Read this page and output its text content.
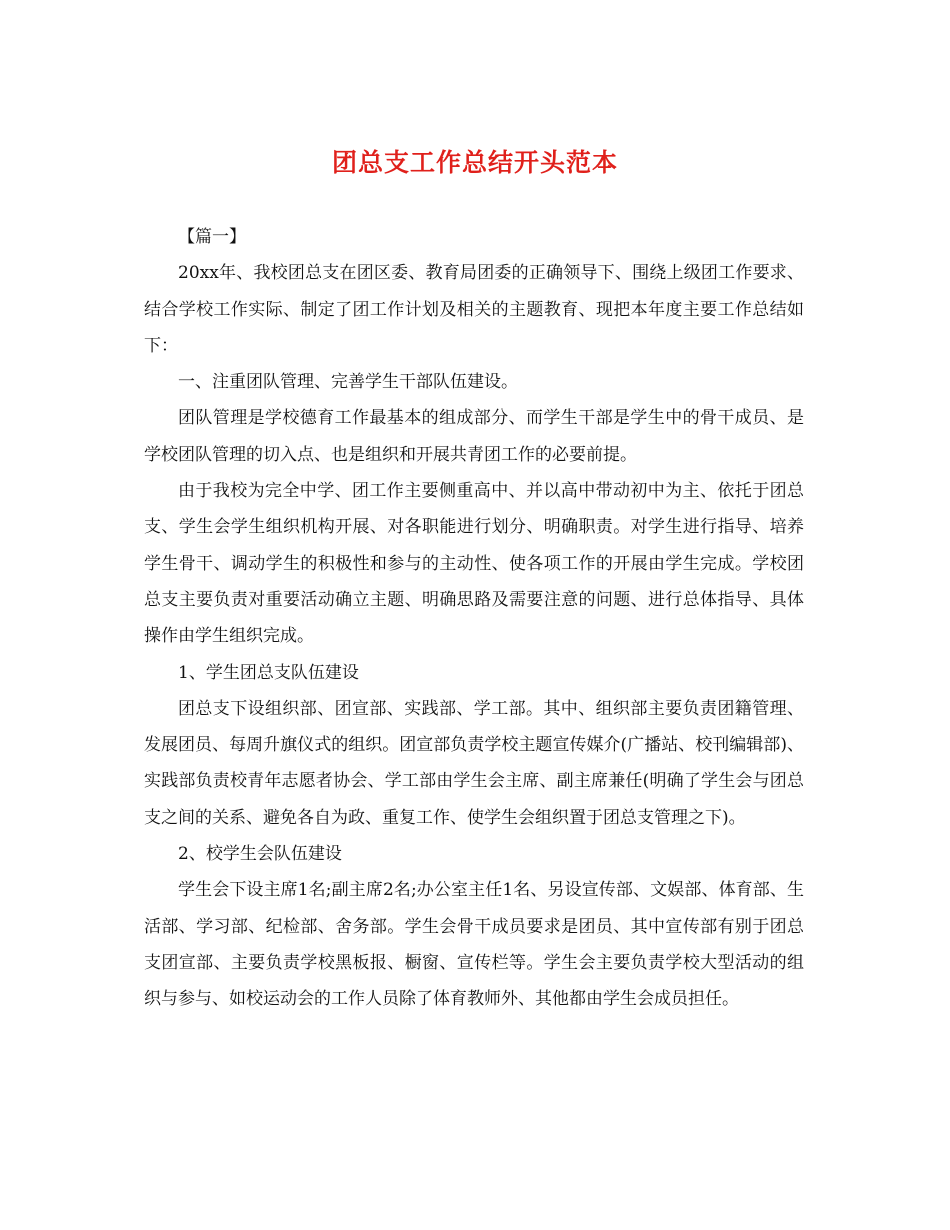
团总支工作总结开头范本

【篇一】

20xx年、我校团总支在团区委、教育局团委的正确领导下、围绕上级团工作要求、结合学校工作实际、制定了团工作计划及相关的主题教育、现把本年度主要工作总结如下：

一、注重团队管理、完善学生干部队伍建设。

团队管理是学校德育工作最基本的组成部分、而学生干部是学生中的骨干成员、是学校团队管理的切入点、也是组织和开展共青团工作的必要前提。

由于我校为完全中学、团工作主要侧重高中、并以高中带动初中为主、依托于团总支、学生会学生组织机构开展、对各职能进行划分、明确职责。对学生进行指导、培养学生骨干、调动学生的积极性和参与的主动性、使各项工作的开展由学生完成。学校团总支主要负责对重要活动确立主题、明确思路及需要注意的问题、进行总体指导、具体操作由学生组织完成。

1、学生团总支队伍建设

团总支下设组织部、团宣部、实践部、学工部。其中、组织部主要负责团籍管理、发展团员、每周升旗仪式的组织。团宣部负责学校主题宣传媒介(广播站、校刊编辑部)、实践部负责校青年志愿者协会、学工部由学生会主席、副主席兼任(明确了学生会与团总支之间的关系、避免各自为政、重复工作、使学生会组织置于团总支管理之下)。

2、校学生会队伍建设

学生会下设主席1名;副主席2名;办公室主任1名、另设宣传部、文娱部、体育部、生活部、学习部、纪检部、舍务部。学生会骨干成员要求是团员、其中宣传部有别于团总支团宣部、主要负责学校黑板报、橱窗、宣传栏等。学生会主要负责学校大型活动的组织与参与、如校运动会的工作人员除了体育教师外、其他都由学生会成员担任。
